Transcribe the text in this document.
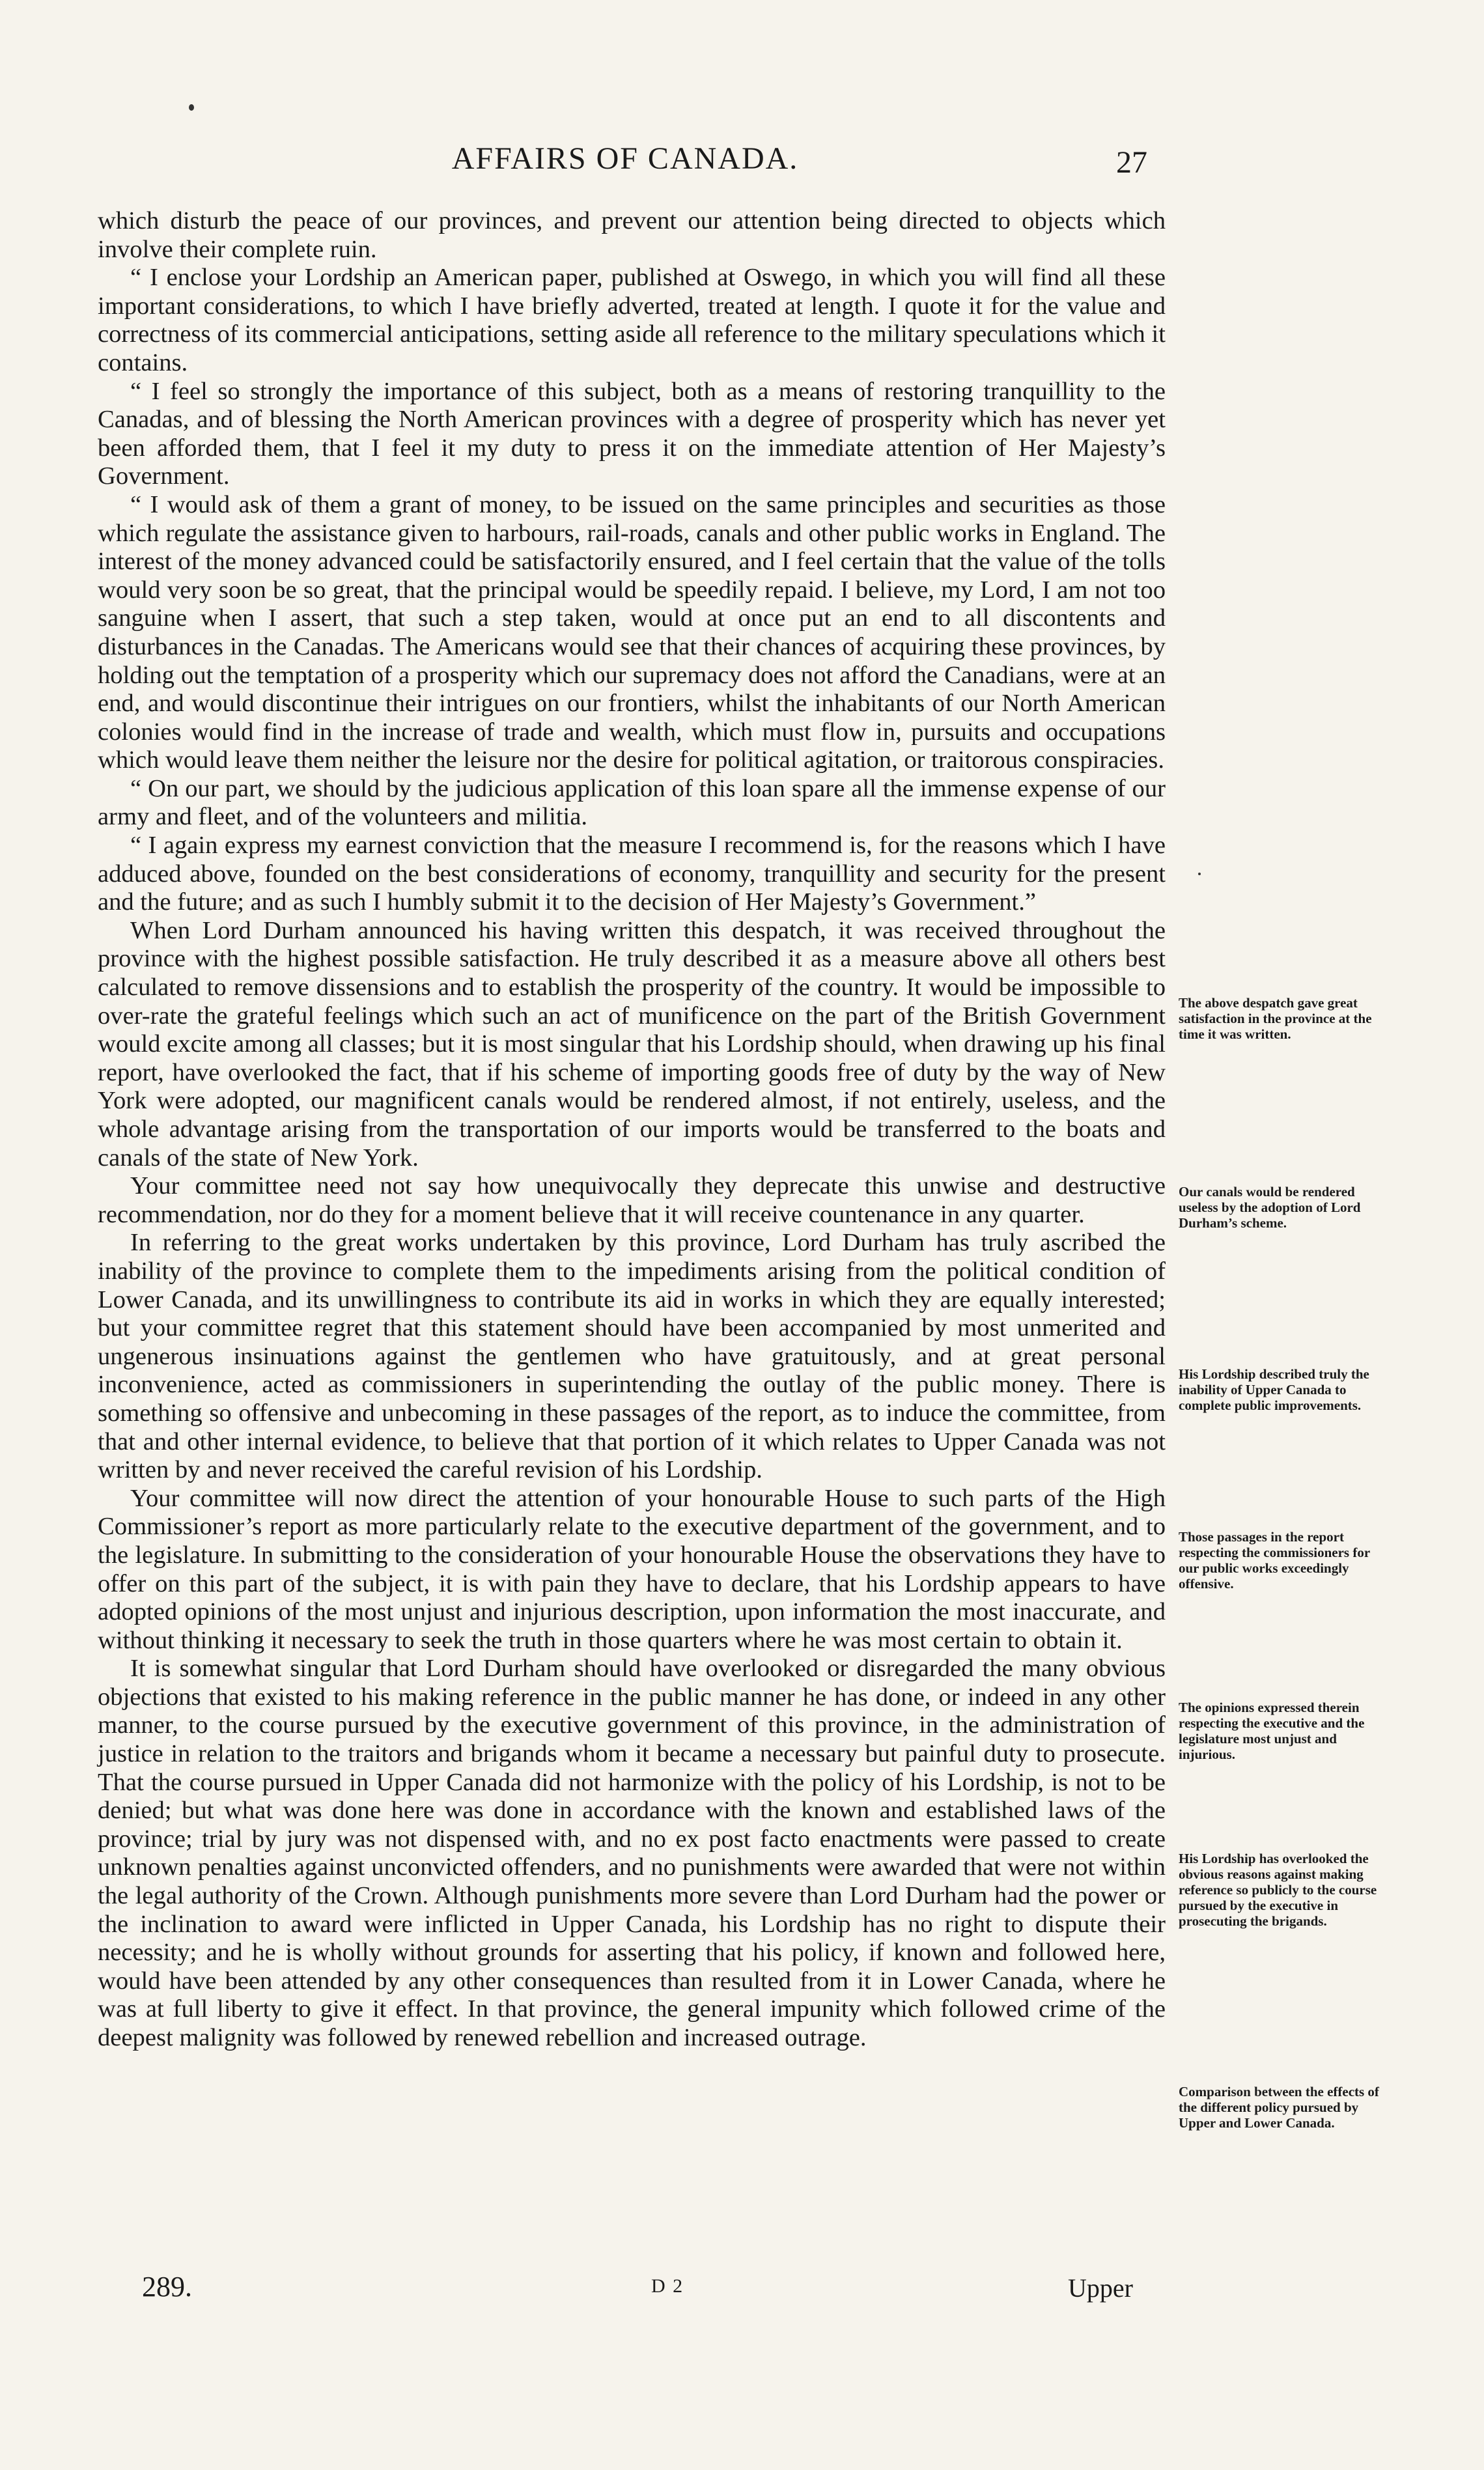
AFFAIRS OF CANADA.	27

which disturb the peace of our provinces, and prevent our attention being directed to objects which involve their complete ruin.

“ I enclose your Lordship an American paper, published at Oswego, in which you will find all these important considerations, to which I have briefly adverted, treated at length. I quote it for the value and correctness of its commercial anticipations, setting aside all reference to the military speculations which it contains.

“ I feel so strongly the importance of this subject, both as a means of restoring tranquillity to the Canadas, and of blessing the North American provinces with a degree of prosperity which has never yet been afforded them, that I feel it my duty to press it on the immediate attention of Her Majesty’s Government.

“ I would ask of them a grant of money, to be issued on the same principles and securities as those which regulate the assistance given to harbours, rail-roads, canals and other public works in England. The interest of the money advanced could be satisfactorily ensured, and I feel certain that the value of the tolls would very soon be so great, that the principal would be speedily repaid. I believe, my Lord, I am not too sanguine when I assert, that such a step taken, would at once put an end to all discontents and disturbances in the Canadas. The Americans would see that their chances of acquiring these provinces, by holding out the temptation of a prosperity which our supremacy does not afford the Canadians, were at an end, and would discontinue their intrigues on our frontiers, whilst the inhabitants of our North American colonies would find in the increase of trade and wealth, which must flow in, pursuits and occupations which would leave them neither the leisure nor the desire for political agitation, or traitorous conspiracies.

“ On our part, we should by the judicious application of this loan spare all the immense expense of our army and fleet, and of the volunteers and militia.

“ I again express my earnest conviction that the measure I recommend is, for the reasons which I have adduced above, founded on the best considerations of economy, tranquillity and security for the present and the future; and as such I humbly submit it to the decision of Her Majesty’s Government.”

When Lord Durham announced his having written this despatch, it was received throughout the province with the highest possible satisfaction. He truly described it as a measure above all others best calculated to remove dissensions and to establish the prosperity of the country. It would be impossible to over-rate the grateful feelings which such an act of munificence on the part of the British Government would excite among all classes; but it is most singular that his Lordship should, when drawing up his final report, have overlooked the fact, that if his scheme of importing goods free of duty by the way of New York were adopted, our magnificent canals would be rendered almost, if not entirely, useless, and the whole advantage arising from the transportation of our imports would be transferred to the boats and canals of the state of New York.

Your committee need not say how unequivocally they deprecate this unwise and destructive recommendation, nor do they for a moment believe that it will receive countenance in any quarter.

In referring to the great works undertaken by this province, Lord Durham has truly ascribed the inability of the province to complete them to the impediments arising from the political condition of Lower Canada, and its unwillingness to contribute its aid in works in which they are equally interested; but your committee regret that this statement should have been accompanied by most unmerited and ungenerous insinuations against the gentlemen who have gratuitously, and at great personal inconvenience, acted as commissioners in superintending the outlay of the public money. There is something so offensive and unbecoming in these passages of the report, as to induce the committee, from that and other internal evidence, to believe that that portion of it which relates to Upper Canada was not written by and never received the careful revision of his Lordship.

Your committee will now direct the attention of your honourable House to such parts of the High Commissioner’s report as more particularly relate to the executive department of the government, and to the legislature. In submitting to the consideration of your honourable House the observations they have to offer on this part of the subject, it is with pain they have to declare, that his Lordship appears to have adopted opinions of the most unjust and injurious description, upon information the most inaccurate, and without thinking it necessary to seek the truth in those quarters where he was most certain to obtain it.

It is somewhat singular that Lord Durham should have overlooked or disregarded the many obvious objections that existed to his making reference in the public manner he has done, or indeed in any other manner, to the course pursued by the executive government of this province, in the administration of justice in relation to the traitors and brigands whom it became a necessary but painful duty to prosecute. That the course pursued in Upper Canada did not harmonize with the policy of his Lordship, is not to be denied; but what was done here was done in accordance with the known and established laws of the province; trial by jury was not dispensed with, and no ex post facto enactments were passed to create unknown penalties against unconvicted offenders, and no punishments were awarded that were not within the legal authority of the Crown. Although punishments more severe than Lord Durham had the power or the inclination to award were inflicted in Upper Canada, his Lordship has no right to dispute their necessity; and he is wholly without grounds for asserting that his policy, if known and followed here, would have been attended by any other consequences than resulted from it in Lower Canada, where he was at full liberty to give it effect. In that province, the general impunity which followed crime of the deepest malignity was followed by renewed rebellion and increased outrage.

The above despatch gave great satisfaction in the province at the time it was written.
Our canals would be rendered useless by the adoption of Lord Durham’s scheme.
His Lordship described truly the inability of Upper Canada to complete public improvements.
Those passages in the report respecting the commissioners for our public works exceedingly offensive.
The opinions expressed therein respecting the executive and the legislature most unjust and injurious.
His Lordship has overlooked the obvious reasons against making reference so publicly to the course pursued by the executive in prosecuting the brigands.
Comparison between the effects of the different policy pursued by Upper and Lower Canada.
289.	D 2	Upper
